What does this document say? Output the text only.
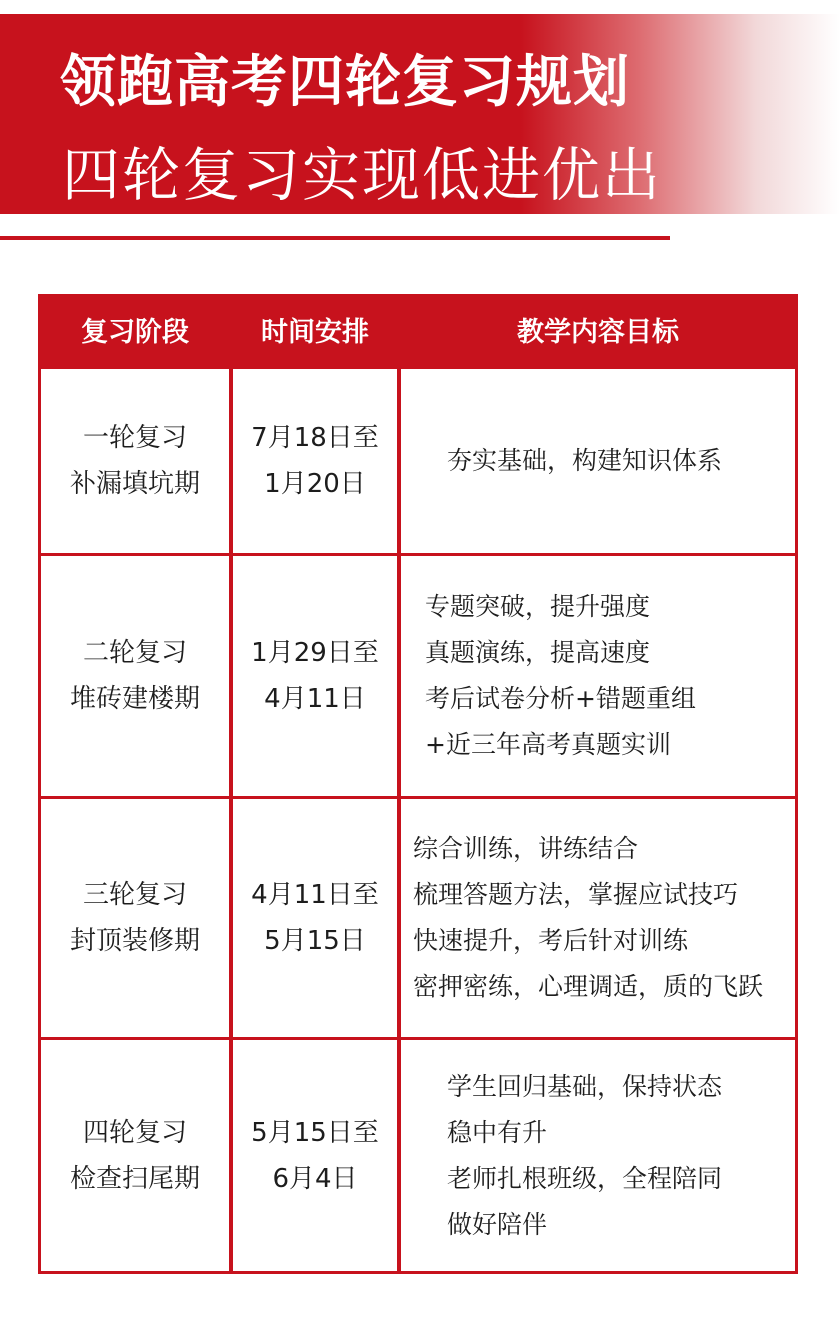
领跑高考四轮复习规划
四轮复习实现低进优出
复习阶段	时间安排	教学内容目标
一轮复习
补漏填坑期
7月18日至
1月20日
夯实基础，构建知识体系
二轮复习
堆砖建楼期
1月29日至
4月11日
专题突破，提升强度
真题演练，提高速度
考后试卷分析+错题重组
+近三年高考真题实训
三轮复习
封顶装修期
4月11日至
5月15日
综合训练，讲练结合
梳理答题方法，掌握应试技巧
快速提升，考后针对训练
密押密练，心理调适，质的飞跃
四轮复习
检查扫尾期
5月15日至
6月4日
学生回归基础，保持状态
稳中有升
老师扎根班级，全程陪同
做好陪伴
